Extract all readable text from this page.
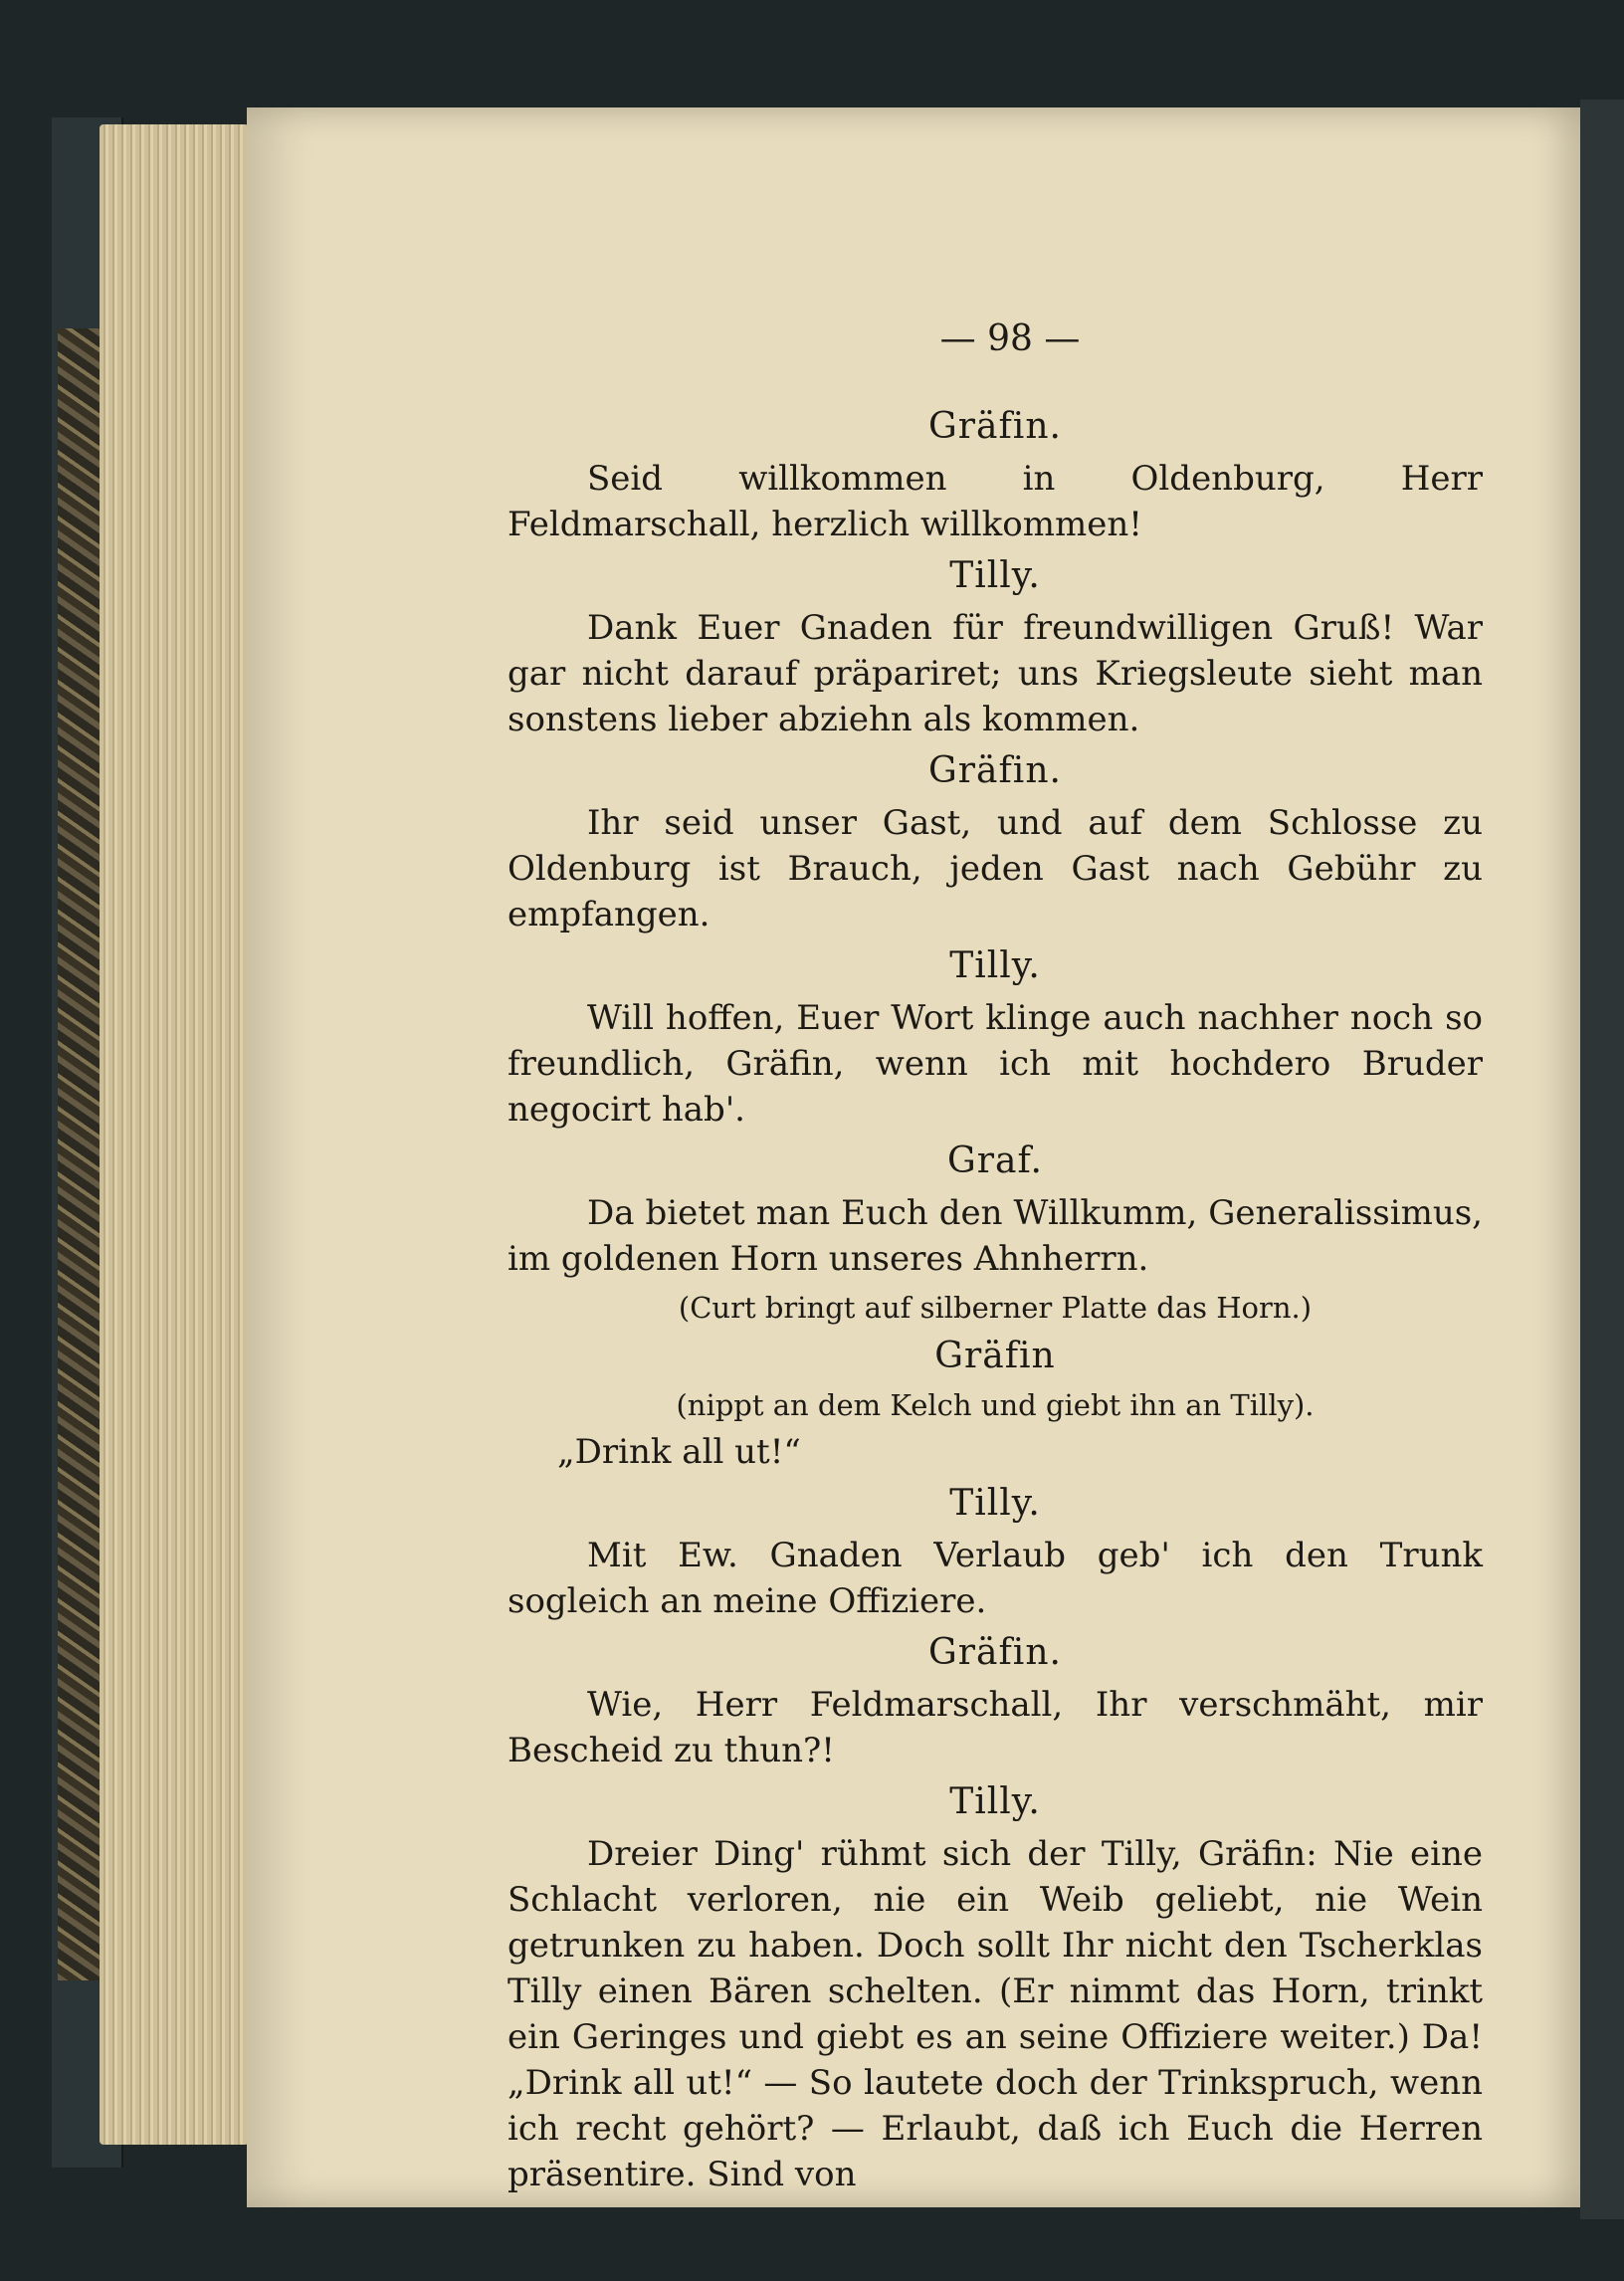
— 98 —

Gräfin.

Seid willkommen in Oldenburg, Herr Feldmarschall, herzlich willkommen!

Tilly.

Dank Euer Gnaden für freundwilligen Gruß! War gar nicht darauf präpariret; uns Kriegsleute sieht man sonstens lieber abziehn als kommen.

Gräfin.

Ihr seid unser Gast, und auf dem Schlosse zu Oldenburg ist Brauch, jeden Gast nach Gebühr zu empfangen.

Tilly.

Will hoffen, Euer Wort klinge auch nachher noch so freundlich, Gräfin, wenn ich mit hochdero Bruder negocirt hab'.

Graf.

Da bietet man Euch den Willkumm, Generalissimus, im goldenen Horn unseres Ahnherrn.

(Curt bringt auf silberner Platte das Horn.)

Gräfin

(nippt an dem Kelch und giebt ihn an Tilly).

„Drink all ut!“

Tilly.

Mit Ew. Gnaden Verlaub geb' ich den Trunk sogleich an meine Offiziere.

Gräfin.

Wie, Herr Feldmarschall, Ihr verschmäht, mir Bescheid zu thun?!

Tilly.

Dreier Ding' rühmt sich der Tilly, Gräfin: Nie eine Schlacht verloren, nie ein Weib geliebt, nie Wein getrunken zu haben. Doch sollt Ihr nicht den Tscherklas Tilly einen Bären schelten. (Er nimmt das Horn, trinkt ein Geringes und giebt es an seine Offiziere weiter.) Da! „Drink all ut!“ — So lautete doch der Trinkspruch, wenn ich recht gehört? — Erlaubt, daß ich Euch die Herren präsentire. Sind von
